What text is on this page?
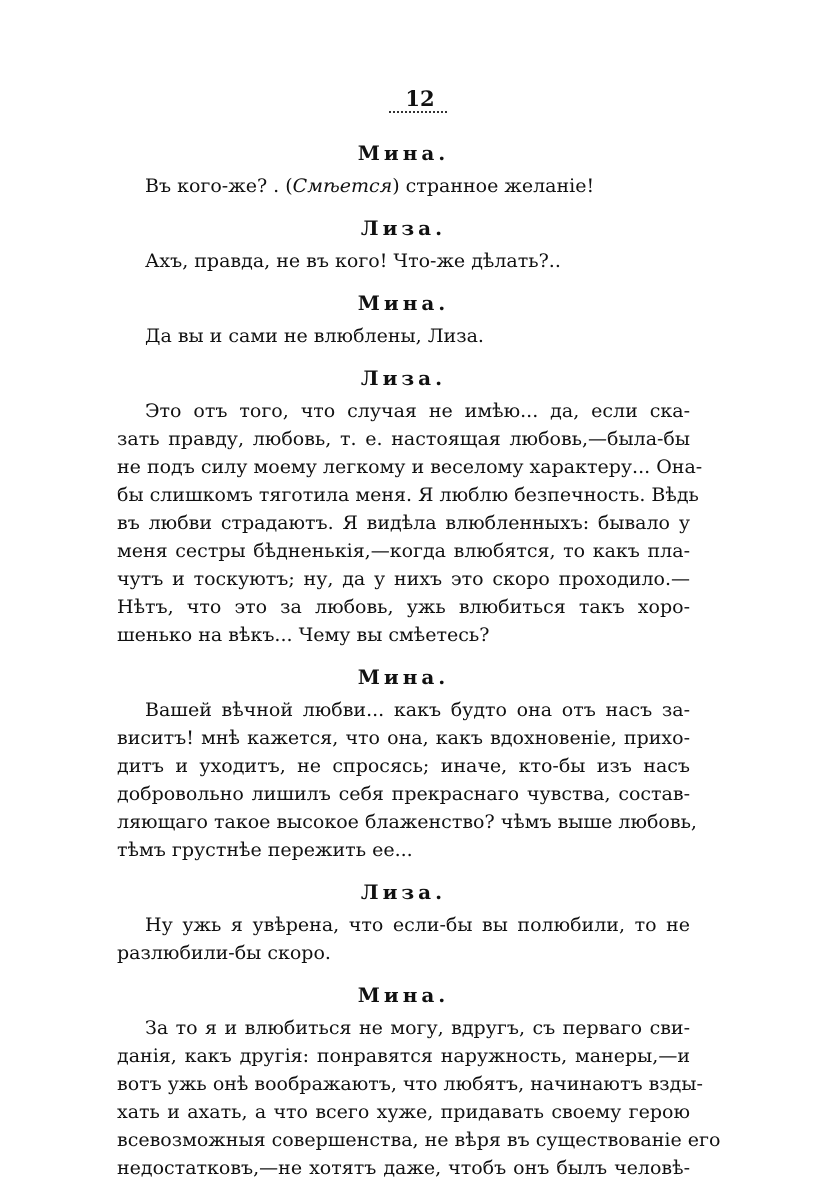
12
Мина.
Въ кого-же? . (Смѣется) странное желаніе!
Лиза.
Ахъ, правда, не въ кого! Что-же дѣлать?..
Мина.
Да вы и сами не влюблены, Лиза.
Лиза.
Это отъ того, что случая не имѣю... да, если ска-
зать правду, любовь, т. е. настоящая любовь,—была-бы
не подъ силу моему легкому и веселому характеру... Она-
бы слишкомъ тяготила меня. Я люблю безпечность. Вѣдь
въ любви страдаютъ. Я видѣла влюбленныхъ: бывало у
меня сестры бѣдненькія,—когда влюбятся, то какъ пла-
чутъ и тоскуютъ; ну, да у нихъ это скоро проходило.—
Нѣтъ, что это за любовь, ужь влюбиться такъ хоро-
шенько на вѣкъ... Чему вы смѣетесь?
Мина.
Вашей вѣчной любви... какъ будто она отъ насъ за-
виситъ! мнѣ кажется, что она, какъ вдохновеніе, прихо-
дитъ и уходитъ, не спросясь; иначе, кто-бы изъ насъ
добровольно лишилъ себя прекраснаго чувства, состав-
ляющаго такое высокое блаженство? чѣмъ выше любовь,
тѣмъ грустнѣе пережить ее...
Лиза.
Ну ужь я увѣрена, что если-бы вы полюбили, то не
разлюбили-бы скоро.
Мина.
За то я и влюбиться не могу, вдругъ, съ перваго сви-
данія, какъ другія: понравятся наружность, манеры,—и
вотъ ужь онѣ воображаютъ, что любятъ, начинаютъ взды-
хать и ахать, а что всего хуже, придавать своему герою
всевозможныя совершенства, не вѣря въ существованіе его
недостатковъ,—не хотятъ даже, чтобъ онъ былъ человѣ-
